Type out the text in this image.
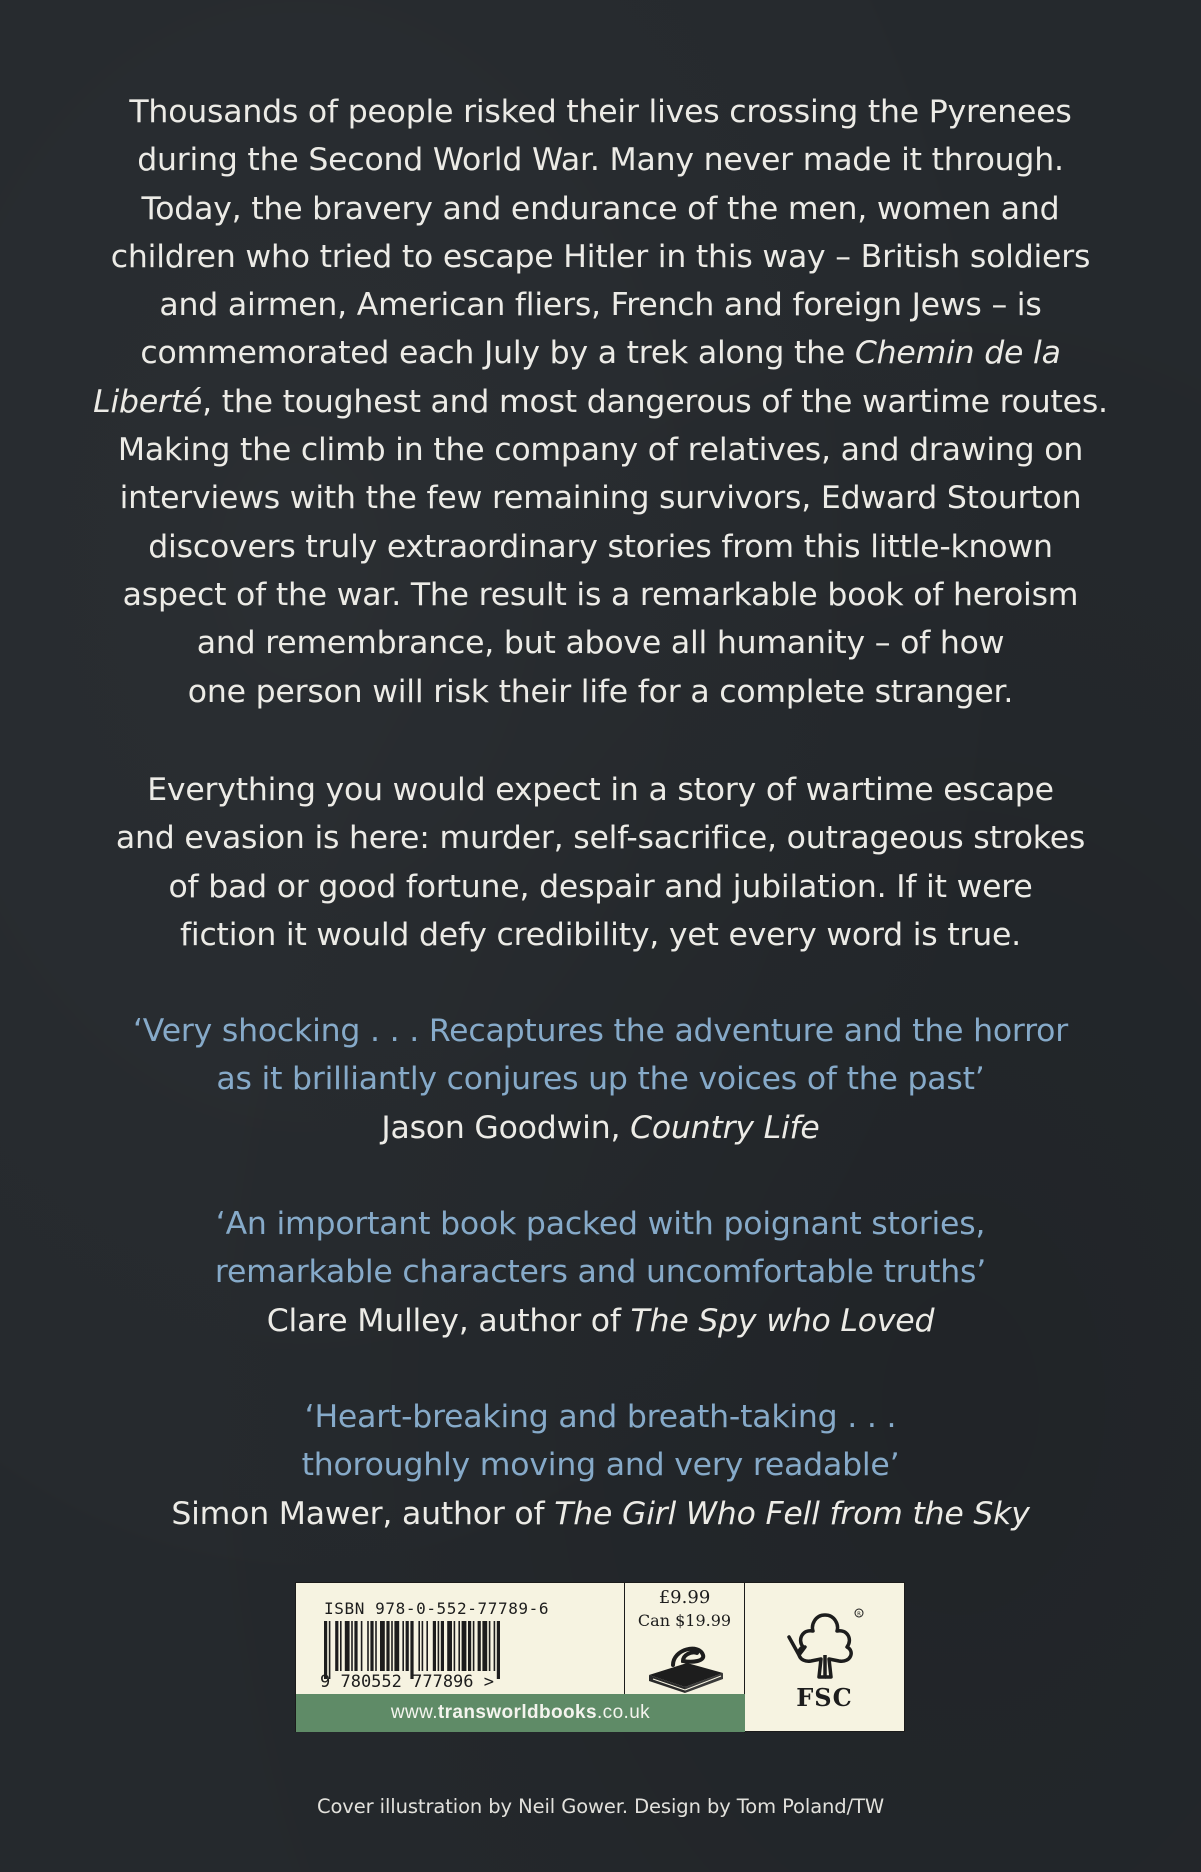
Thousands of people risked their lives crossing the Pyrenees
during the Second World War. Many never made it through.
Today, the bravery and endurance of the men, women and
children who tried to escape Hitler in this way – British soldiers
and airmen, American fliers, French and foreign Jews – is
commemorated each July by a trek along the Chemin de la
Liberté, the toughest and most dangerous of the wartime routes.
Making the climb in the company of relatives, and drawing on
interviews with the few remaining survivors, Edward Stourton
discovers truly extraordinary stories from this little-known
aspect of the war. The result is a remarkable book of heroism
and remembrance, but above all humanity – of how
one person will risk their life for a complete stranger.
Everything you would expect in a story of wartime escape
and evasion is here: murder, self-sacrifice, outrageous strokes
of bad or good fortune, despair and jubilation. If it were
fiction it would defy credibility, yet every word is true.
‘Very shocking . . . Recaptures the adventure and the horror
as it brilliantly conjures up the voices of the past’
Jason Goodwin, Country Life
‘An important book packed with poignant stories,
remarkable characters and uncomfortable truths’
Clare Mulley, author of The Spy who Loved
‘Heart-breaking and breath-taking . . .
thoroughly moving and very readable’
Simon Mawer, author of The Girl Who Fell from the Sky
ISBN 978-0-552-77789-6
9 780552 777896 >
£9.99
Can $19.99	R
FSC
www.transworldbooks.co.uk
Cover illustration by Neil Gower. Design by Tom Poland/TW
